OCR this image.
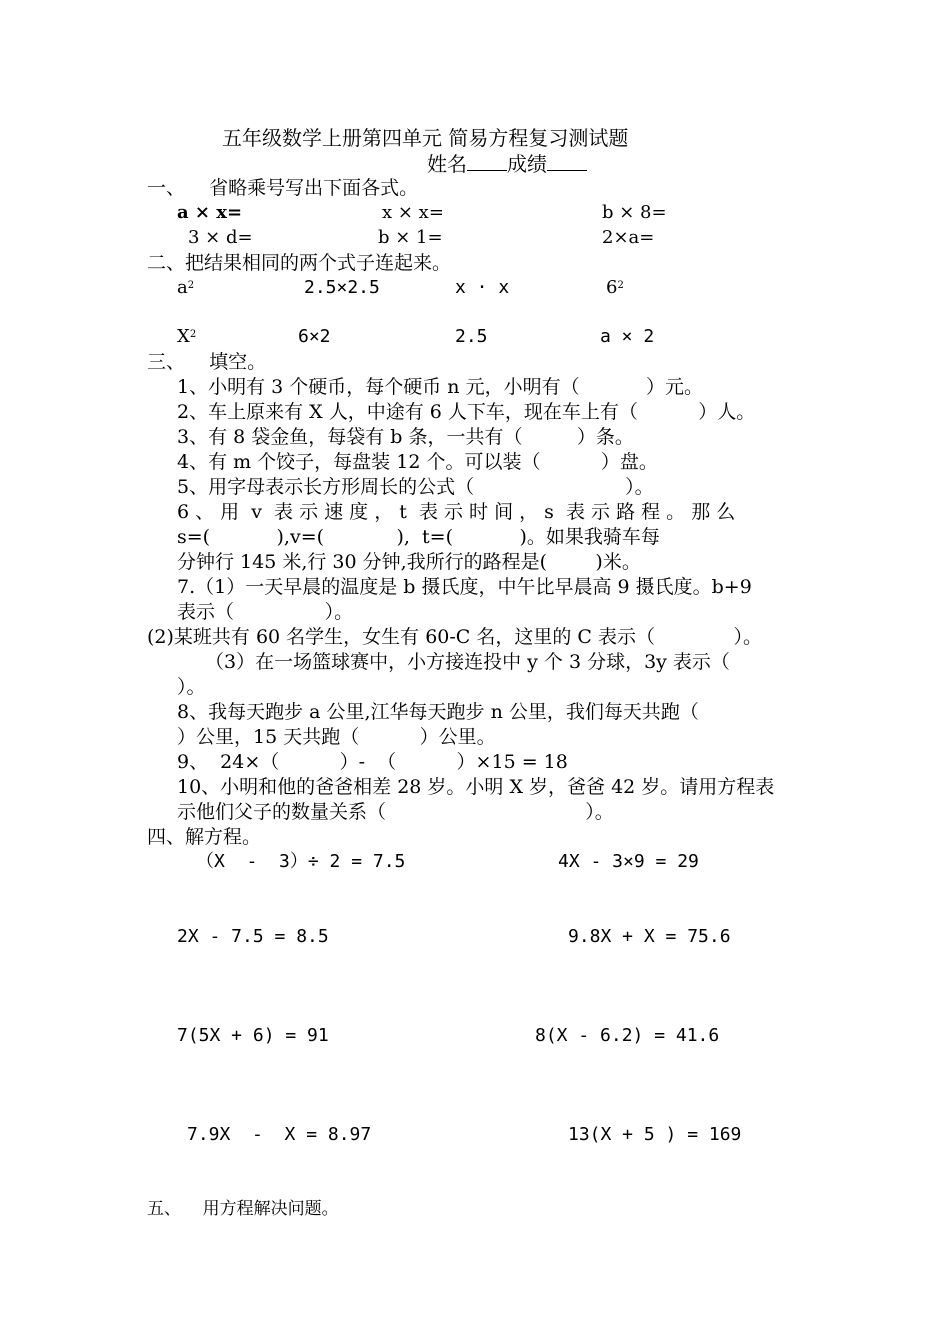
五年级数学上册第四单元 简易方程复习测试题
姓名 成绩
一、    省略乘号写出下面各式。
a × x=	x × x=	b × 8=
3 × d=	b × 1=	2×a=
二、把结果相同的两个式子连起来。
$a^2$	2.5×2.5	x · x	$6^2$
$X^2$	6×2	2.5	a × 2
三、    填空。
1、小明有 3 个硬币，每个硬币 n 元，小明有（           ）元。
2、车上原来有 X 人，中途有 6 人下车，现在车上有（          ）人。
3、有 8 袋金鱼，每袋有 b 条，一共有（         ）条。
4、有 m 个饺子，每盘装 12 个。可以装（          ）盘。
5、用字母表示长方形周长的公式（                         ）。
6 、 用  v  表 示 速 度 ， t  表 示 时 间 ， s  表 示 路 程 。 那 么
s=(           ),v=(            ),  t=(           )。如果我骑车每
分钟行 145 米,行 30 分钟,我所行的路程是(        )米。
7.（1）一天早晨的温度是 b 摄氏度，中午比早晨高 9 摄氏度。b+9
表示（               ）。
(2)某班共有 60 名学生，女生有 60-C 名，这里的 C 表示（             ）。
（3）在一场篮球赛中，小方接连投中 y 个 3 分球，3y 表示（
）。
8、我每天跑步 a 公里,江华每天跑步 n 公里，我们每天共跑（
）公里，15 天共跑（          ）公里。
9、  24×（          ）-  （          ）×15 = 18
10、小明和他的爸爸相差 28 岁。小明 X 岁，爸爸 42 岁。请用方程表
示他们父子的数量关系（                                 ）。
四、解方程。
（X  -  3）÷ 2 = 7.5	4X - 3×9 = 29
2X - 7.5 = 8.5	9.8X + X = 75.6
7(5X + 6) = 91	8(X - 6.2) = 41.6
7.9X  -  X = 8.97	13(X + 5 ) = 169
五、    用方程解决问题。
